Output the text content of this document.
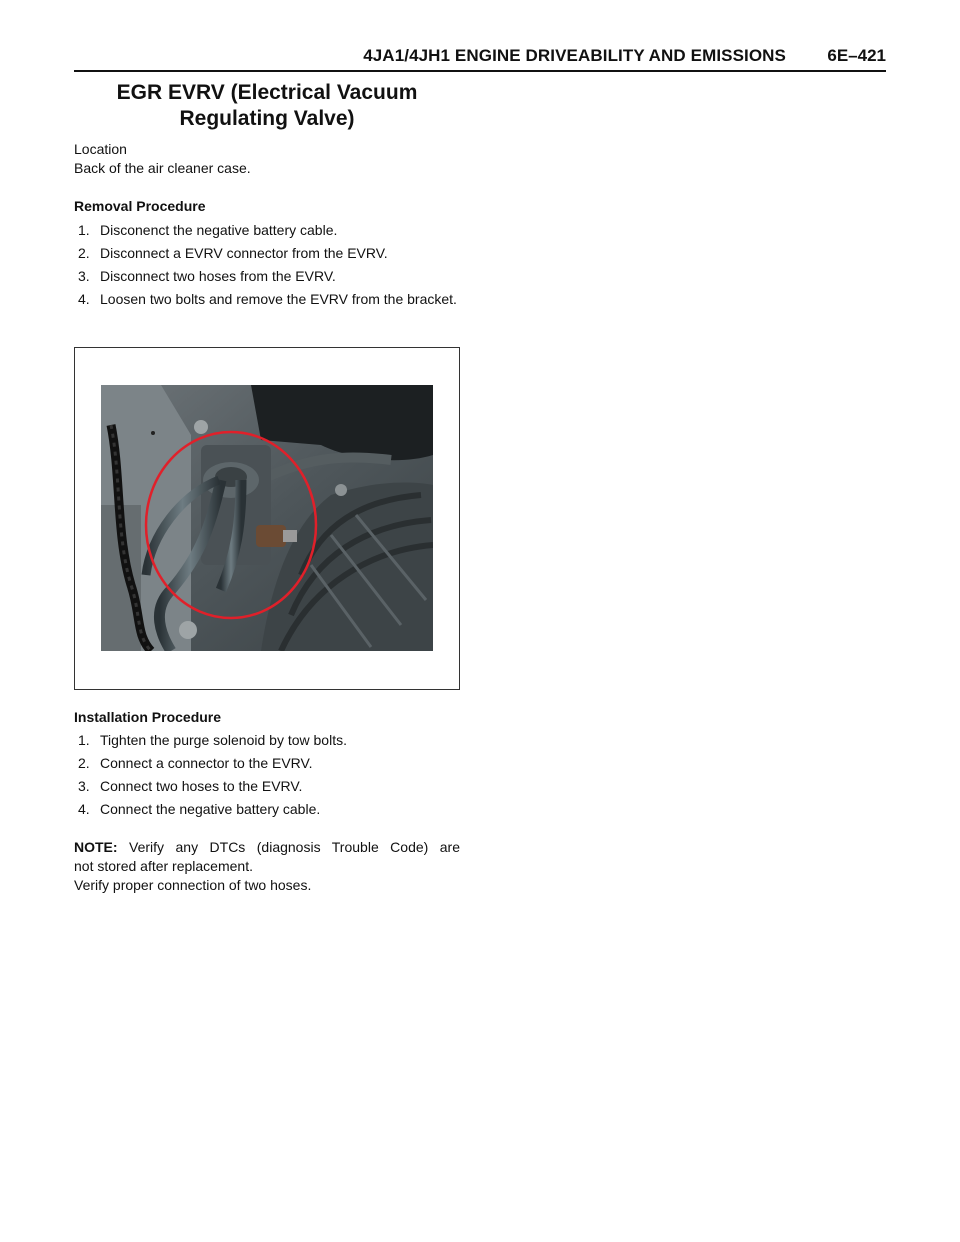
4JA1/4JH1 ENGINE DRIVEABILITY AND EMISSIONS 6E–421
EGR EVRV (Electrical Vacuum
Regulating Valve)
Location
Back of the air cleaner case.
Removal Procedure
1. Disconenct the negative battery cable.
2. Disconnect a EVRV connector from the EVRV.
3. Disconnect two hoses from the EVRV.
4. Loosen two bolts and remove the EVRV from the bracket.
Installation Procedure
1. Tighten the purge solenoid by tow bolts.
2. Connect a connector to the EVRV.
3. Connect two hoses to the EVRV.
4. Connect the negative battery cable.
NOTE: Verify any DTCs (diagnosis Trouble Code) are
not stored after replacement.
Verify proper connection of two hoses.
